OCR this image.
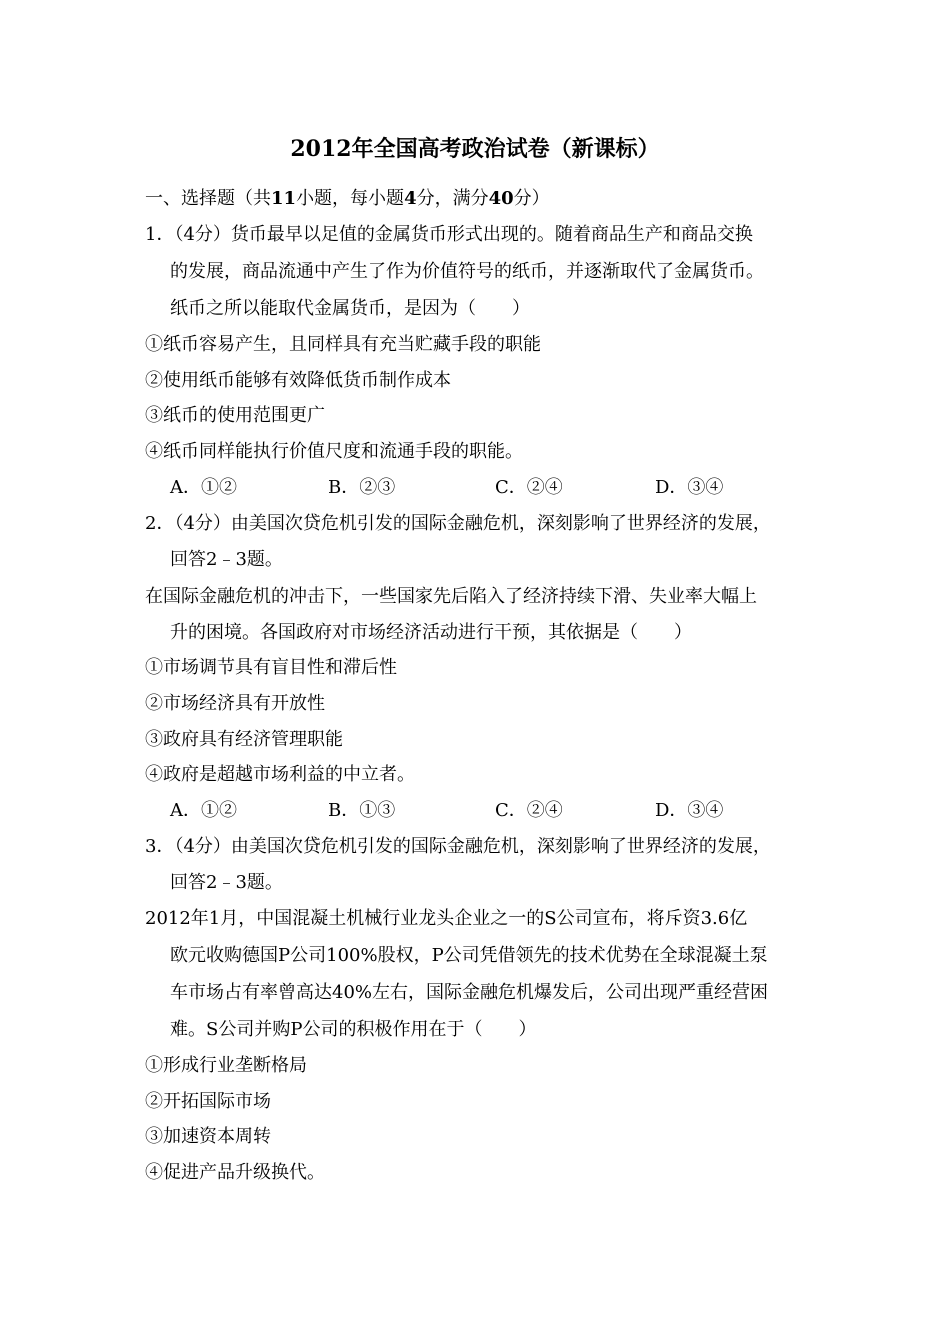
2012年全国高考政治试卷（新课标）
一、选择题（共11小题，每小题4分，满分40分）
1．（4分）货币最早以足值的金属货币形式出现的。随着商品生产和商品交换
的发展，商品流通中产生了作为价值符号的纸币，并逐渐取代了金属货币。
纸币之所以能取代金属货币，是因为（　　）
①纸币容易产生，且同样具有充当贮藏手段的职能
②使用纸币能够有效降低货币制作成本
③纸币的使用范围更广
④纸币同样能执行价值尺度和流通手段的职能。
A．①②	B．②③	C．②④	D．③④
2．（4分）由美国次贷危机引发的国际金融危机，深刻影响了世界经济的发展，
回答2﹣3题。
在国际金融危机的冲击下，一些国家先后陷入了经济持续下滑、失业率大幅上
升的困境。各国政府对市场经济活动进行干预，其依据是（　　）
①市场调节具有盲目性和滞后性
②市场经济具有开放性
③政府具有经济管理职能
④政府是超越市场利益的中立者。
A．①②	B．①③	C．②④	D．③④
3．（4分）由美国次贷危机引发的国际金融危机，深刻影响了世界经济的发展，
回答2﹣3题。
2012年1月，中国混凝土机械行业龙头企业之一的S公司宣布，将斥资3.6亿
欧元收购德国P公司100%股权，P公司凭借领先的技术优势在全球混凝土泵
车市场占有率曾高达40%左右，国际金融危机爆发后，公司出现严重经营困
难。S公司并购P公司的积极作用在于（　　）
①形成行业垄断格局
②开拓国际市场
③加速资本周转
④促进产品升级换代。
